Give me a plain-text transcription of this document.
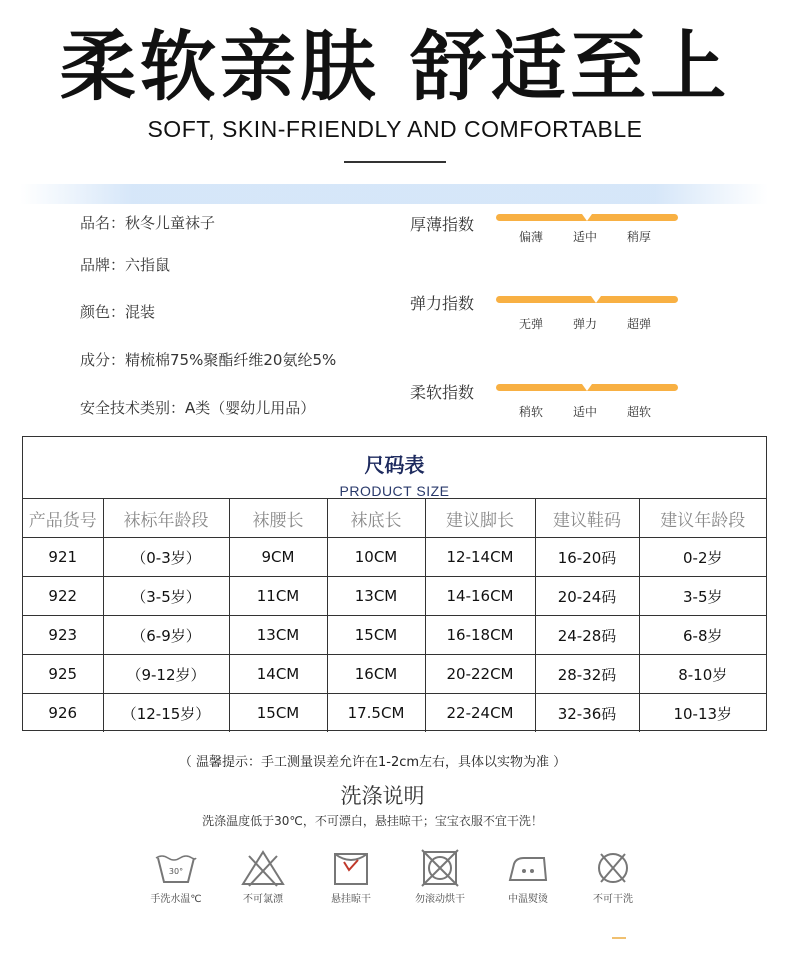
柔软亲肤 舒适至上
SOFT, SKIN-FRIENDLY AND COMFORTABLE
品名：秋冬儿童袜子
品牌：六指鼠
颜色：混装
成分：精梳棉75%聚酯纤维20氨纶5%
安全技术类别：A类（婴幼儿用品）
厚薄指数
偏薄 适中 稍厚
弹力指数
无弹 弹力 超弹
柔软指数
稍软 适中 超软
尺码表
PRODUCT SIZE
产品货号	袜标年龄段	袜腰长	袜底长	建议脚长	建议鞋码	建议年龄段
921	（0-3岁）	9CM	10CM	12-14CM	16-20码	0-2岁
922	（3-5岁）	11CM	13CM	14-16CM	20-24码	3-5岁
923	（6-9岁）	13CM	15CM	16-18CM	24-28码	6-8岁
925	（9-12岁）	14CM	16CM	20-22CM	28-32码	8-10岁
926	（12-15岁）	15CM	17.5CM	22-24CM	32-36码	10-13岁
（ 温馨提示：手工测量误差允许在1-2cm左右，具体以实物为准 ）
洗涤说明
洗涤温度低于30℃，不可漂白，悬挂晾干；宝宝衣服不宜干洗！
30°
手洗水温℃	不可氯漂	悬挂晾干	勿滚动烘干	中温熨烫	不可干洗
